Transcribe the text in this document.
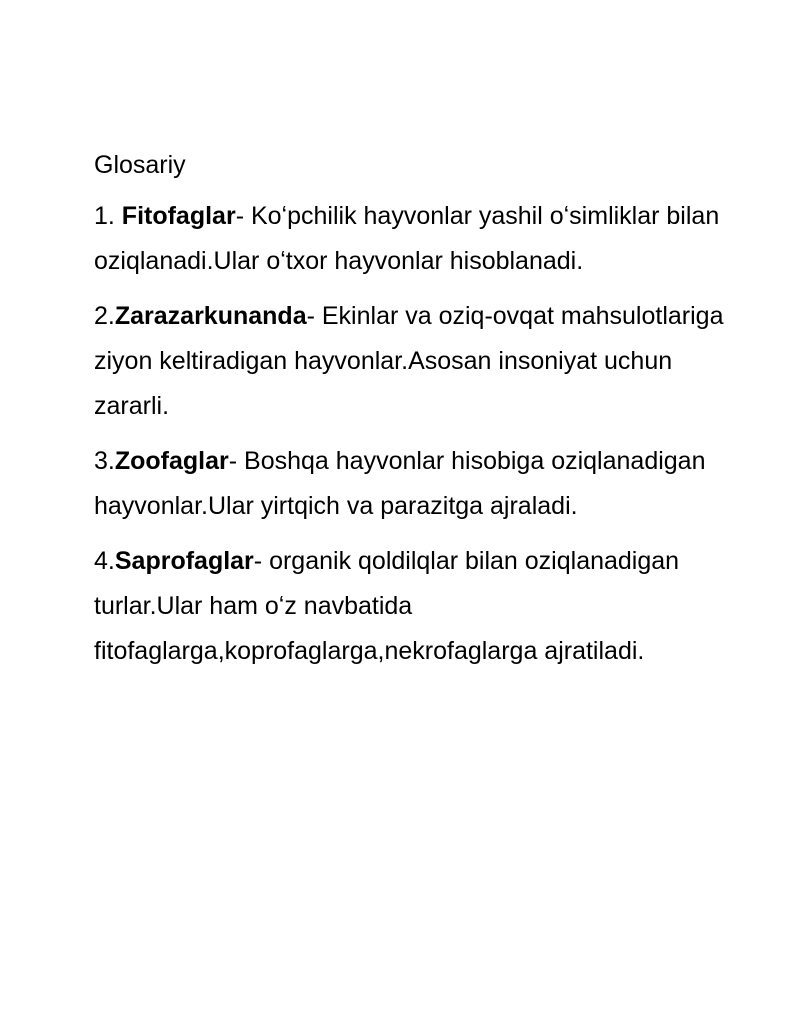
Glosariy

1. Fitofaglar- Koʻpchilik hayvonlar yashil oʻsimliklar bilan oziqlanadi.Ular oʻtxor hayvonlar hisoblanadi.

2.Zarazarkunanda- Ekinlar va oziq-ovqat mahsulotlariga ziyon keltiradigan hayvonlar.Asosan insoniyat uchun zararli.

3.Zoofaglar- Boshqa hayvonlar hisobiga oziqlanadigan hayvonlar.Ular yirtqich va parazitga ajraladi.

4.Saprofaglar- organik qoldilqlar bilan oziqlanadigan turlar.Ular ham oʻz navbatida fitofaglarga,koprofaglarga,nekrofaglarga ajratiladi.
